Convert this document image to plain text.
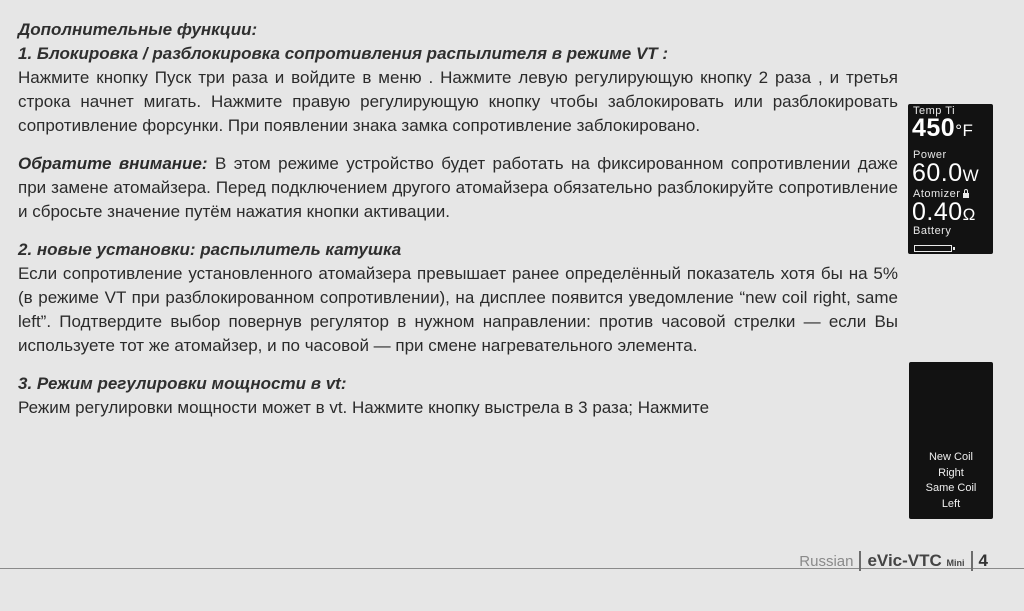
Дополнительные функции:

1. Блокировка / разблокировка сопротивления распылителя в режиме VT :

Нажмите кнопку Пуск три раза и войдите в меню . Нажмите левую регулирующую кнопку 2 раза , и третья строка начнет мигать. Нажмите правую регулирующую кнопку чтобы заблокировать или разблокировать сопротивление форсунки. При появлении знака замка сопротивление заблокировано.

Обратите внимание: В этом режиме устройство будет работать на фиксированном сопротивлении даже при замене атомайзера. Перед подключением другого атомайзера обязательно разблокируйте сопротивление и сбросьте значение путём нажатия кнопки активации.

2. новые установки: распылитель катушка

Если сопротивление установленного атомайзера превышает ранее определённый показатель хотя бы на 5% (в режиме VT при разблокированном сопротивлении), на дисплее появится уведомление “new coil right, same left”. Подтвердите выбор повернув регулятор в нужном направлении: против часовой стрелки — если Вы используете тот же атомайзер, и по часовой — при смене нагревательного элемента.

3. Режим регулировки мощности в vt:

Режим регулировки мощности может в vt. Нажмите кнопку выстрела в 3 раза; Нажмите

Temp Ti
450°F
Power
60.0W
Atomizer
0.40Ω
Battery
New Coil
Right
Same Coil
Left
Russian eVic-VTC Mini 4
